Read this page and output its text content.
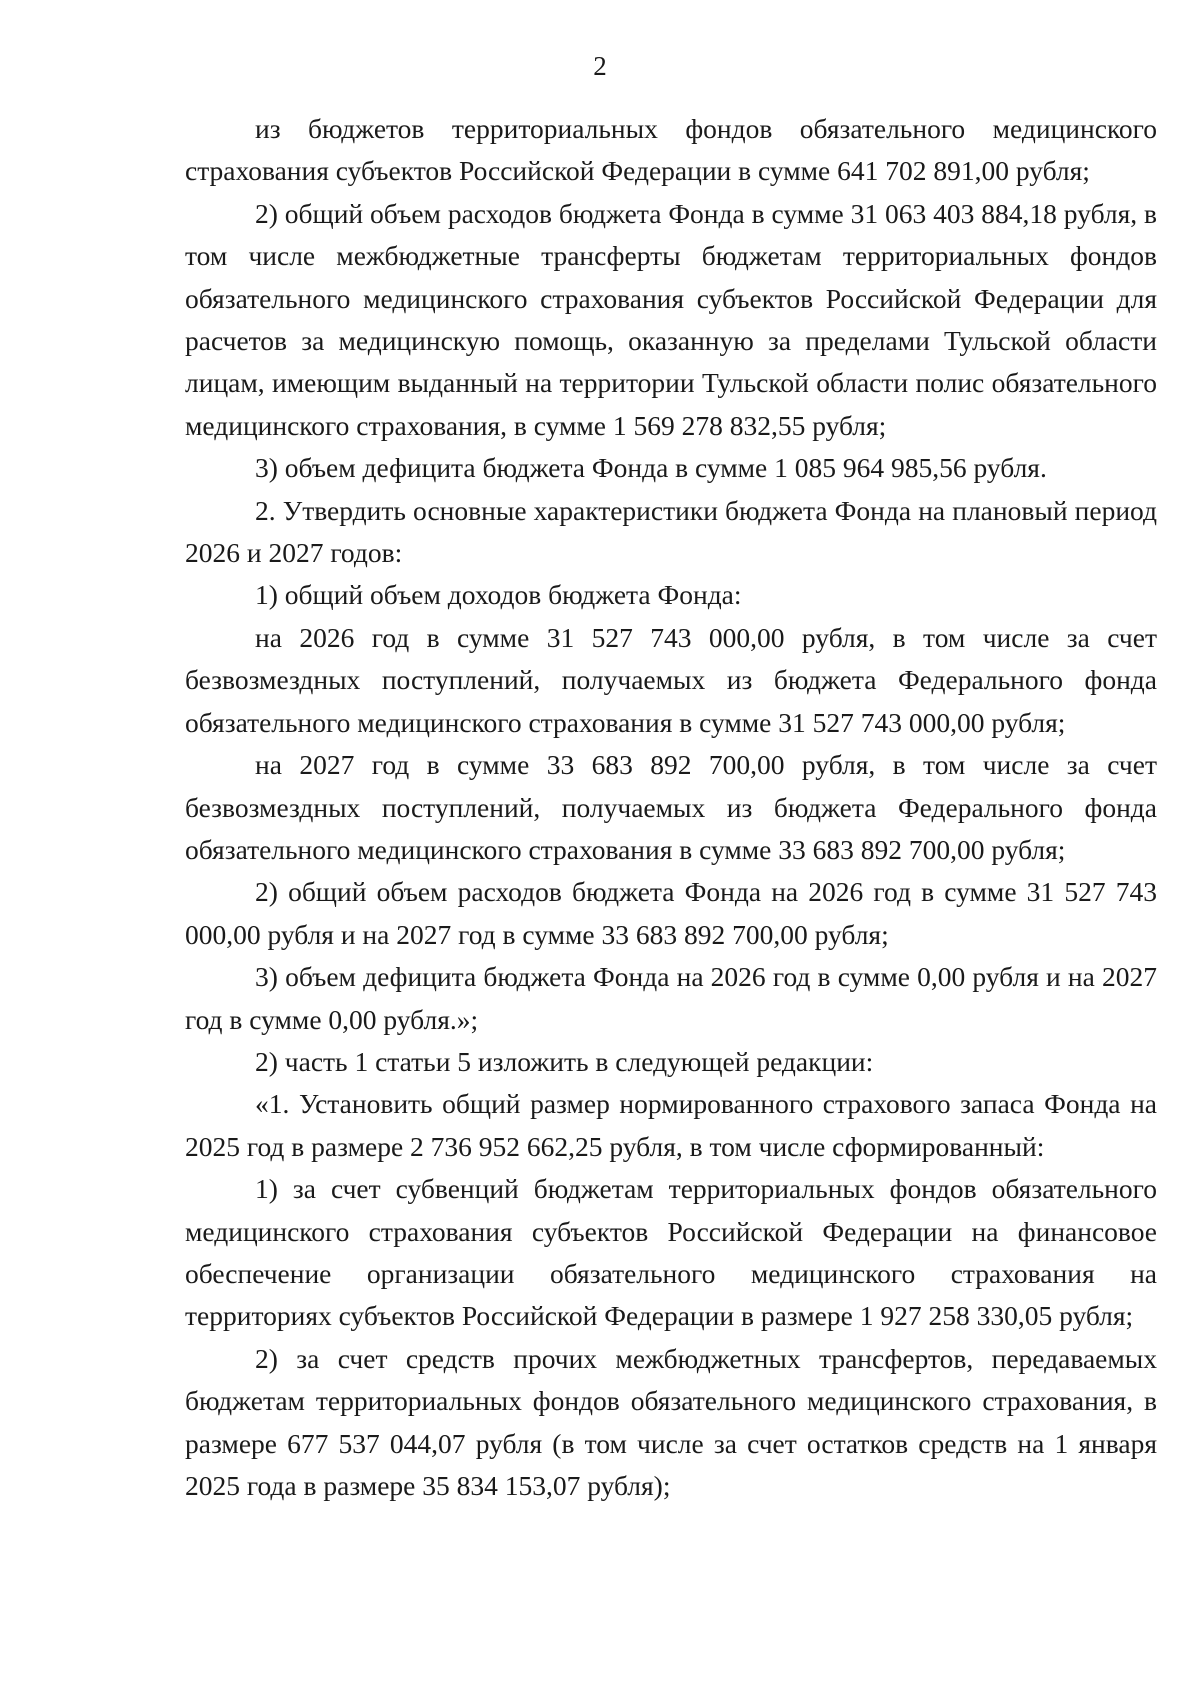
2

из бюджетов территориальных фондов обязательного медицинского страхования субъектов Российской Федерации в сумме 641 702 891,00 рубля;

2) общий объем расходов бюджета Фонда в сумме 31 063 403 884,18 рубля, в том числе межбюджетные трансферты бюджетам территориальных фондов обязательного медицинского страхования субъектов Российской Федерации для расчетов за медицинскую помощь, оказанную за пределами Тульской области лицам, имеющим выданный на территории Тульской области полис обязательного медицинского страхования, в сумме 1 569 278 832,55 рубля;

3) объем дефицита бюджета Фонда в сумме 1 085 964 985,56 рубля.

2. Утвердить основные характеристики бюджета Фонда на плановый период 2026 и 2027 годов:

1) общий объем доходов бюджета Фонда:

на 2026 год в сумме 31 527 743 000,00 рубля, в том числе за счет безвозмездных поступлений, получаемых из бюджета Федерального фонда обязательного медицинского страхования в сумме 31 527 743 000,00 рубля;

на 2027 год в сумме 33 683 892 700,00 рубля, в том числе за счет безвозмездных поступлений, получаемых из бюджета Федерального фонда обязательного медицинского страхования в сумме 33 683 892 700,00 рубля;

2) общий объем расходов бюджета Фонда на 2026 год в сумме 31 527 743 000,00 рубля и на 2027 год в сумме 33 683 892 700,00 рубля;

3) объем дефицита бюджета Фонда на 2026 год в сумме 0,00 рубля и на 2027 год в сумме 0,00 рубля.»;

2) часть 1 статьи 5 изложить в следующей редакции:

«1. Установить общий размер нормированного страхового запаса Фонда на 2025 год в размере 2 736 952 662,25 рубля, в том числе сформированный:

1) за счет субвенций бюджетам территориальных фондов обязательного медицинского страхования субъектов Российской Федерации на финансовое обеспечение организации обязательного медицинского страхования на территориях субъектов Российской Федерации в размере 1 927 258 330,05 рубля;

2) за счет средств прочих межбюджетных трансфертов, передаваемых бюджетам территориальных фондов обязательного медицинского страхования, в размере 677 537 044,07 рубля (в том числе за счет остатков средств на 1 января 2025 года в размере 35 834 153,07 рубля);
